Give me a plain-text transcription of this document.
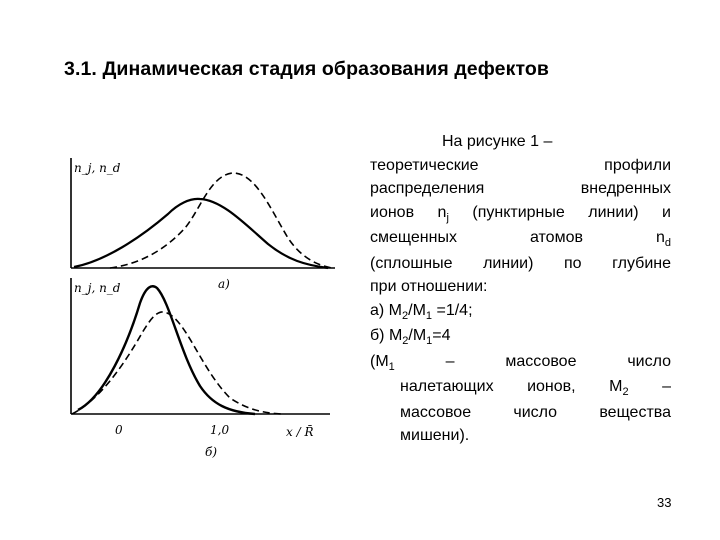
3.1. Динамическая стадия образования дефектов
n_j, n_d
a)
n_j, n_d
0	1,0	x / R̄
б)
На рисунке 1 –
теоретические профили
распределения внедренных
ионов $n_j$ (пунктирные линии) и
смещенных атомов $n_d$
(сплошные линии) по глубине
при отношении:
а) $M_2/M_1 =1/4$;
б) $M_2/M_1=4$
($M_1$ – массовое число
налетающих ионов, $M_2$ –
массовое число вещества
мишени).
33
